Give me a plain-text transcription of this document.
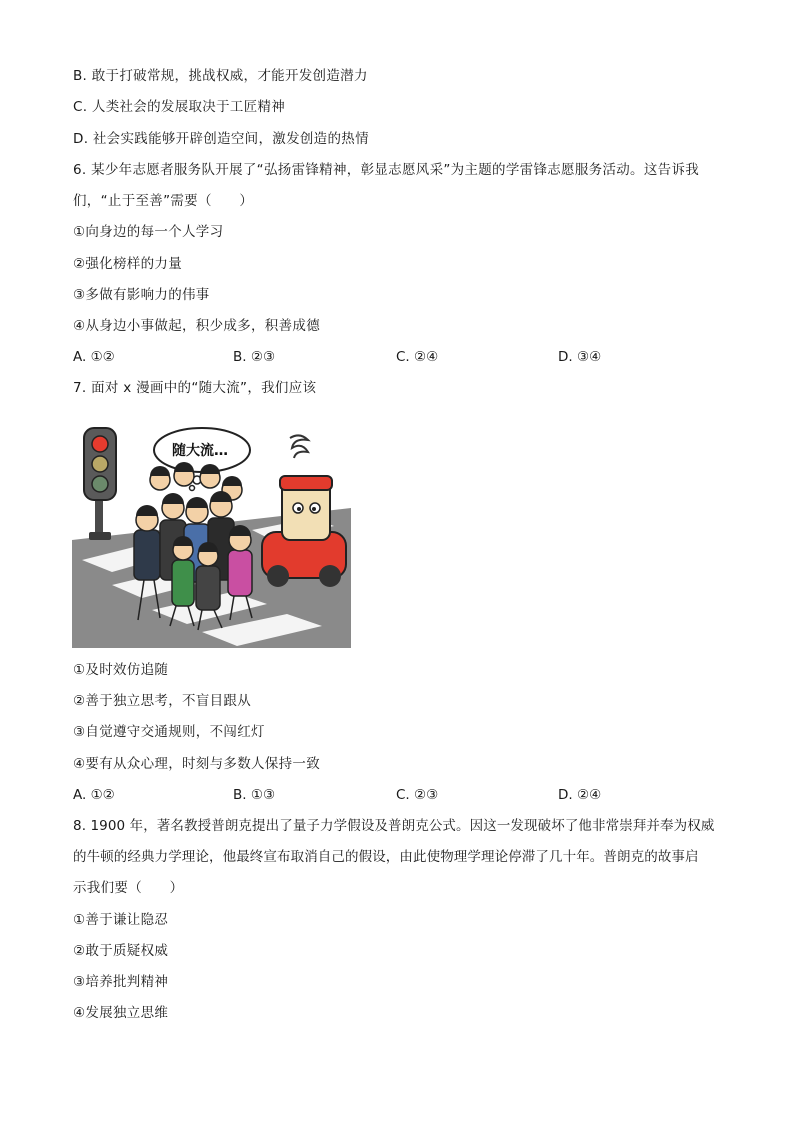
B. 敢于打破常规，挑战权威，才能开发创造潜力
C. 人类社会的发展取决于工匠精神
D. 社会实践能够开辟创造空间，激发创造的热情
6. 某少年志愿者服务队开展了“弘扬雷锋精神，彰显志愿风采”为主题的学雷锋志愿服务活动。这告诉我
们，“止于至善”需要（　　）
①向身边的每一个人学习
②强化榜样的力量
③多做有影响力的伟事
④从身边小事做起，积少成多，积善成德
A. ①②	B. ②③	C. ②④	D. ③④
7. 面对 x 漫画中的“随大流”，我们应该
随大流…
①及时效仿追随
②善于独立思考，不盲目跟从
③自觉遵守交通规则，不闯红灯
④要有从众心理，时刻与多数人保持一致
A. ①②	B. ①③	C. ②③	D. ②④
8. 1900 年，著名教授普朗克提出了量子力学假设及普朗克公式。因这一发现破坏了他非常崇拜并奉为权威
的牛顿的经典力学理论，他最终宣布取消自己的假设，由此使物理学理论停滞了几十年。普朗克的故事启
示我们要（　　）
①善于谦让隐忍
②敢于质疑权威
③培养批判精神
④发展独立思维
